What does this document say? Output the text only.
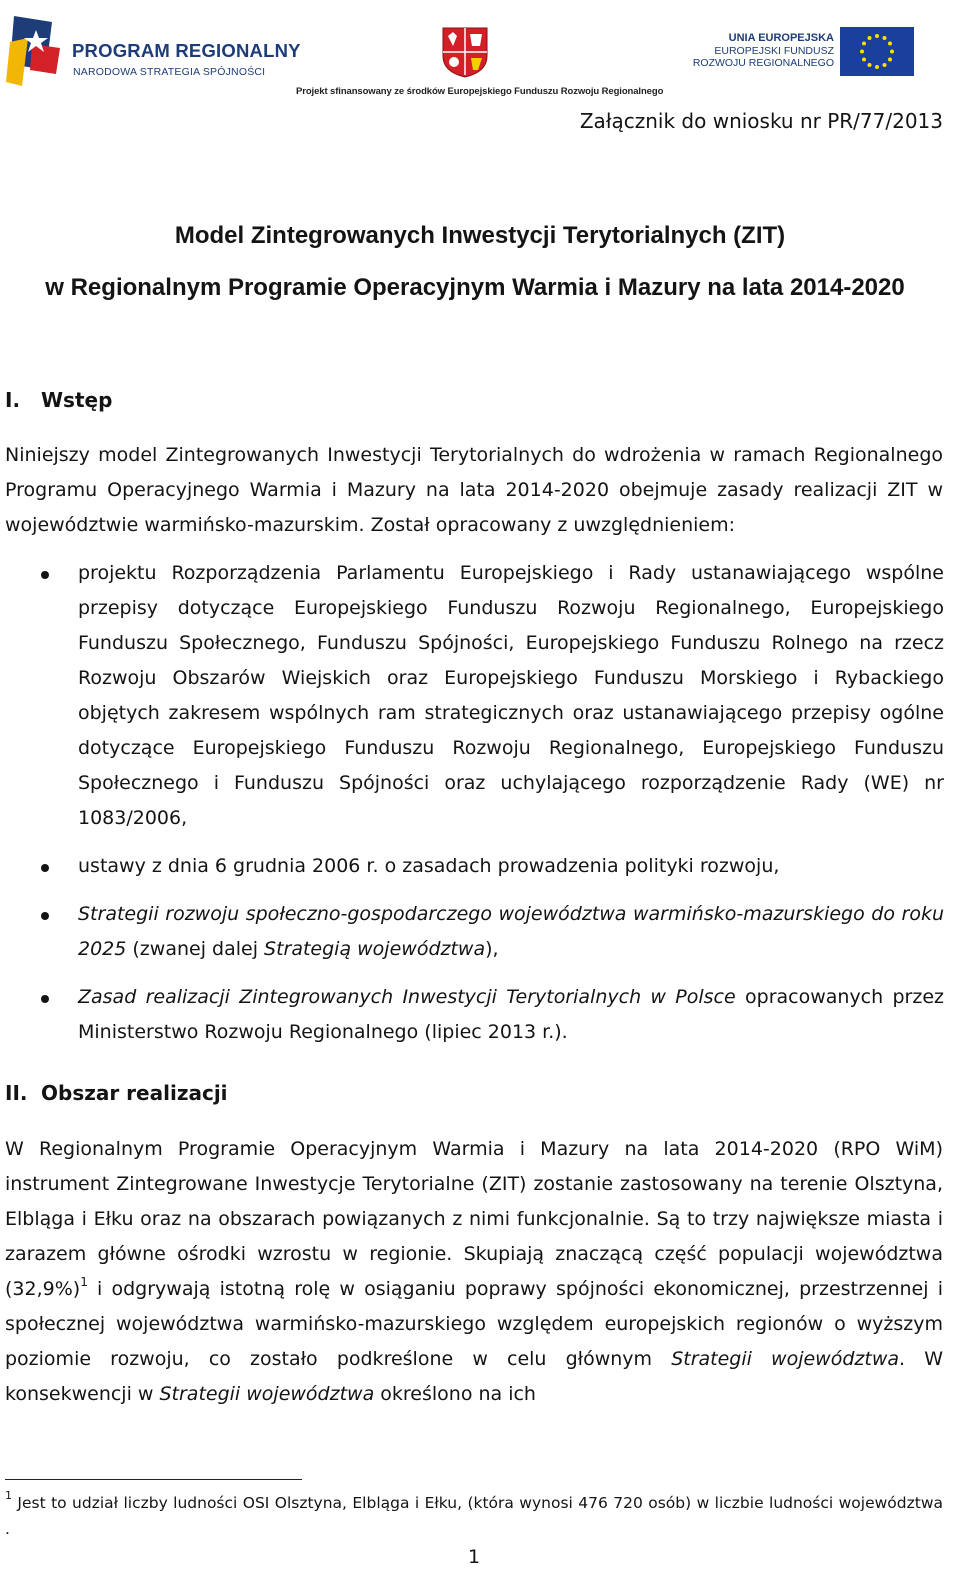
PROGRAM REGIONALNY
NARODOWA STRATEGIA SPÓJNOŚCI
UNIA EUROPEJSKA
EUROPEJSKI FUNDUSZ
ROZWOJU REGIONALNEGO
Projekt sfinansowany ze środków Europejskiego Funduszu Rozwoju Regionalnego
Załącznik do wniosku nr PR/77/2013
Model Zintegrowanych Inwestycji Terytorialnych (ZIT)
w Regionalnym Programie Operacyjnym Warmia i Mazury na lata 2014-2020
I. Wstęp
Niniejszy model Zintegrowanych Inwestycji Terytorialnych do wdrożenia w ramach Regionalnego Programu Operacyjnego Warmia i Mazury na lata 2014-2020 obejmuje zasady realizacji ZIT w województwie warmińsko-mazurskim. Został opracowany z uwzględnieniem:
projektu Rozporządzenia Parlamentu Europejskiego i Rady ustanawiającego wspólne przepisy dotyczące Europejskiego Funduszu Rozwoju Regionalnego, Europejskiego Funduszu Społecznego, Funduszu Spójności, Europejskiego Funduszu Rolnego na rzecz Rozwoju Obszarów Wiejskich oraz Europejskiego Funduszu Morskiego i Rybackiego objętych zakresem wspólnych ram strategicznych oraz ustanawiającego przepisy ogólne dotyczące Europejskiego Funduszu Rozwoju Regionalnego, Europejskiego Funduszu Społecznego i Funduszu Spójności oraz uchylającego rozporządzenie Rady (WE) nr 1083/2006,
ustawy z dnia 6 grudnia 2006 r. o zasadach prowadzenia polityki rozwoju,
Strategii rozwoju społeczno-gospodarczego województwa warmińsko-mazurskiego do roku 2025 (zwanej dalej Strategią województwa),
Zasad realizacji Zintegrowanych Inwestycji Terytorialnych w Polsce opracowanych przez Ministerstwo Rozwoju Regionalnego (lipiec 2013 r.).
II. Obszar realizacji
W Regionalnym Programie Operacyjnym Warmia i Mazury na lata 2014-2020 (RPO WiM) instrument Zintegrowane Inwestycje Terytorialne (ZIT) zostanie zastosowany na terenie Olsztyna, Elbląga i Ełku oraz na obszarach powiązanych z nimi funkcjonalnie. Są to trzy największe miasta i zarazem główne ośrodki wzrostu w regionie. Skupiają znaczącą część populacji województwa $(32,9\%)^1$ i odgrywają istotną rolę w osiąganiu poprawy spójności ekonomicznej, przestrzennej i społecznej województwa warmińsko-mazurskiego względem europejskich regionów o wyższym poziomie rozwoju, co zostało podkreślone w celu głównym Strategii województwa. W konsekwencji w Strategii województwa określono na ich
$^1$ Jest to udział liczby ludności OSI Olsztyna, Elbląga i Ełku, (która wynosi 476 720 osób) w liczbie ludności województwa .
1
